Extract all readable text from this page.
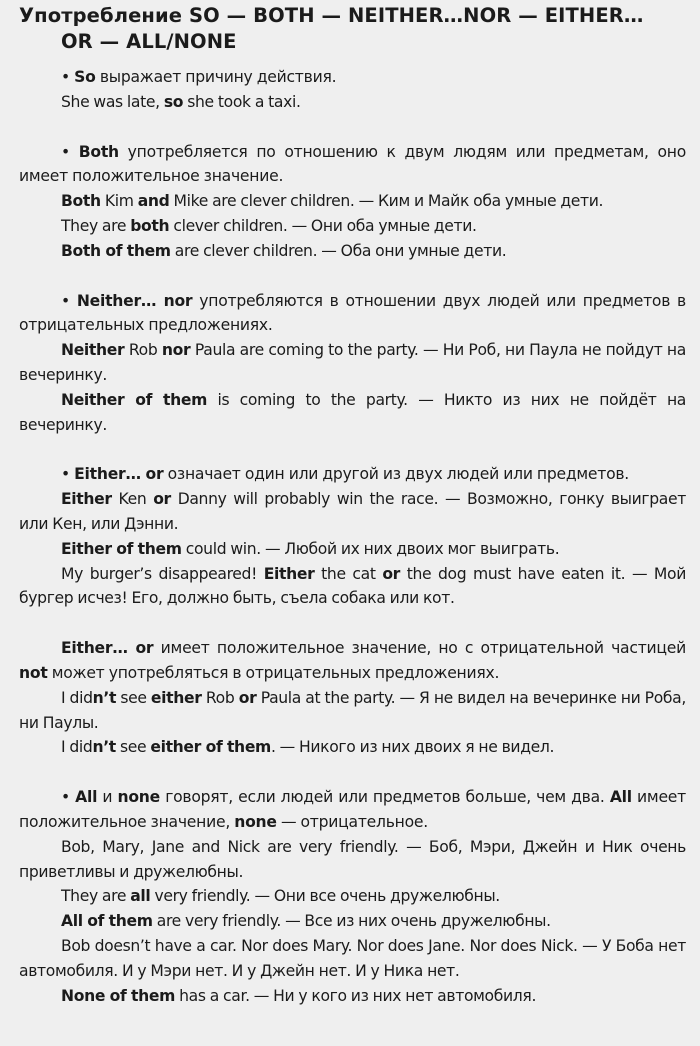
Употребление SO — BOTH — NEITHER…NOR — EITHER…
OR — ALL/NONE

• So выражает причину действия.

She was late, so she took a taxi.

• Both употребляется по отношению к двум людям или предметам, оно имеет положительное значение.

Both Kim and Mike are clever children. — Ким и Майк оба умные дети.

They are both clever children. — Они оба умные дети.

Both of them are clever children. — Оба они умные дети.

• Neither… nor употребляются в отношении двух людей или предметов в отрицательных предложениях.

Neither Rob nor Paula are coming to the party. — Ни Роб, ни Паула не пойдут на вечеринку.

Neither of them is coming to the party. — Никто из них не пойдёт на вечеринку.

• Either… or означает один или другой из двух людей или предметов.

Either Ken or Danny will probably win the race. — Возможно, гонку выиграет или Кен, или Дэнни.

Either of them could win. — Любой их них двоих мог выиграть.

My burger’s disappeared! Either the cat or the dog must have eaten it. — Мой бургер исчез! Его, должно быть, съела собака или кот.

Either… or имеет положительное значение, но с отрицательной частицей not может употребляться в отрицательных предложениях.

I didn’t see either Rob or Paula at the party. — Я не видел на вечеринке ни Роба, ни Паулы.

I didn’t see either of them. — Никого из них двоих я не видел.

• All и none говорят, если людей или предметов больше, чем два. All имеет положительное значение, none — отрицательное.

Bob, Mary, Jane and Nick are very friendly. — Боб, Мэри, Джейн и Ник очень приветливы и дружелюбны.

They are all very friendly. — Они все очень дружелюбны.

All of them are very friendly. — Все из них очень дружелюбны.

Bob doesn’t have a car. Nor does Mary. Nor does Jane. Nor does Nick. — У Боба нет автомобиля. И у Мэри нет. И у Джейн нет. И у Ника нет.

None of them has a car. — Ни у кого из них нет автомобиля.
